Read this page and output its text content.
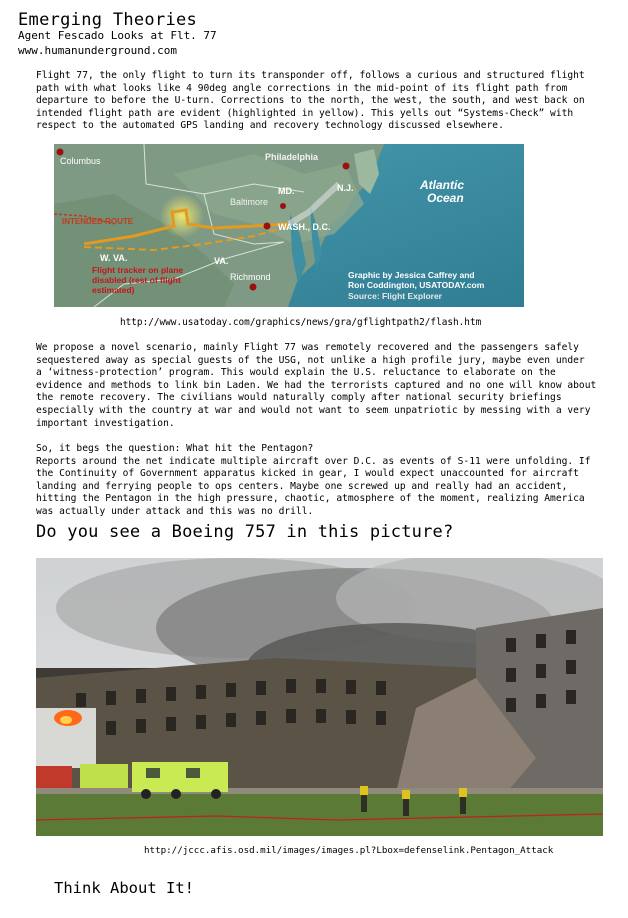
Emerging Theories
Agent Fescado Looks at Flt. 77
www.humanunderground.com
Flight 77, the only flight to turn its transponder off, follows a curious and structured flight
path with what looks like 4 90deg angle corrections in the mid-point of its flight path from
departure to before the U-turn. Corrections to the north, the west, the south, and west back on
intended flight path are evident (highlighted in yellow). This yells out “Systems-Check” with
respect to the automated GPS landing and recovery technology discussed elsewhere.
Columbus	Philadelphia
MD.	N.J.
Baltimore
WASH., D.C.
Atlantic
Ocean
INTENDED ROUTE
W. VA.	VA.
Richmond
Flight tracker on plane
disabled (rest of flight
estimated)
Graphic by Jessica Caffrey and
Ron Coddington, USATODAY.com
Source: Flight Explorer
http://www.usatoday.com/graphics/news/gra/gflightpath2/flash.htm
We propose a novel scenario, mainly Flight 77 was remotely recovered and the passengers safely
sequestered away as special guests of the USG, not unlike a high profile jury, maybe even under
a ‘witness-protection’ program. This would explain the U.S. reluctance to elaborate on the
evidence and methods to link bin Laden. We had the terrorists captured and no one will know about
the remote recovery. The civilians would naturally comply after national security briefings
especially with the country at war and would not want to seem unpatriotic by messing with a very
important investigation.
So, it begs the question: What hit the Pentagon?
Reports around the net indicate multiple aircraft over D.C. as events of S-11 were unfolding. If
the Continuity of Government apparatus kicked in gear, I would expect unaccounted for aircraft
landing and ferrying people to ops centers. Maybe one screwed up and really had an accident,
hitting the Pentagon in the high pressure, chaotic, atmosphere of the moment, realizing America
was actually under attack and this was no drill.
Do you see a Boeing 757 in this picture?
http://jccc.afis.osd.mil/images/images.pl?Lbox=defenselink.Pentagon_Attack
Think About It!
